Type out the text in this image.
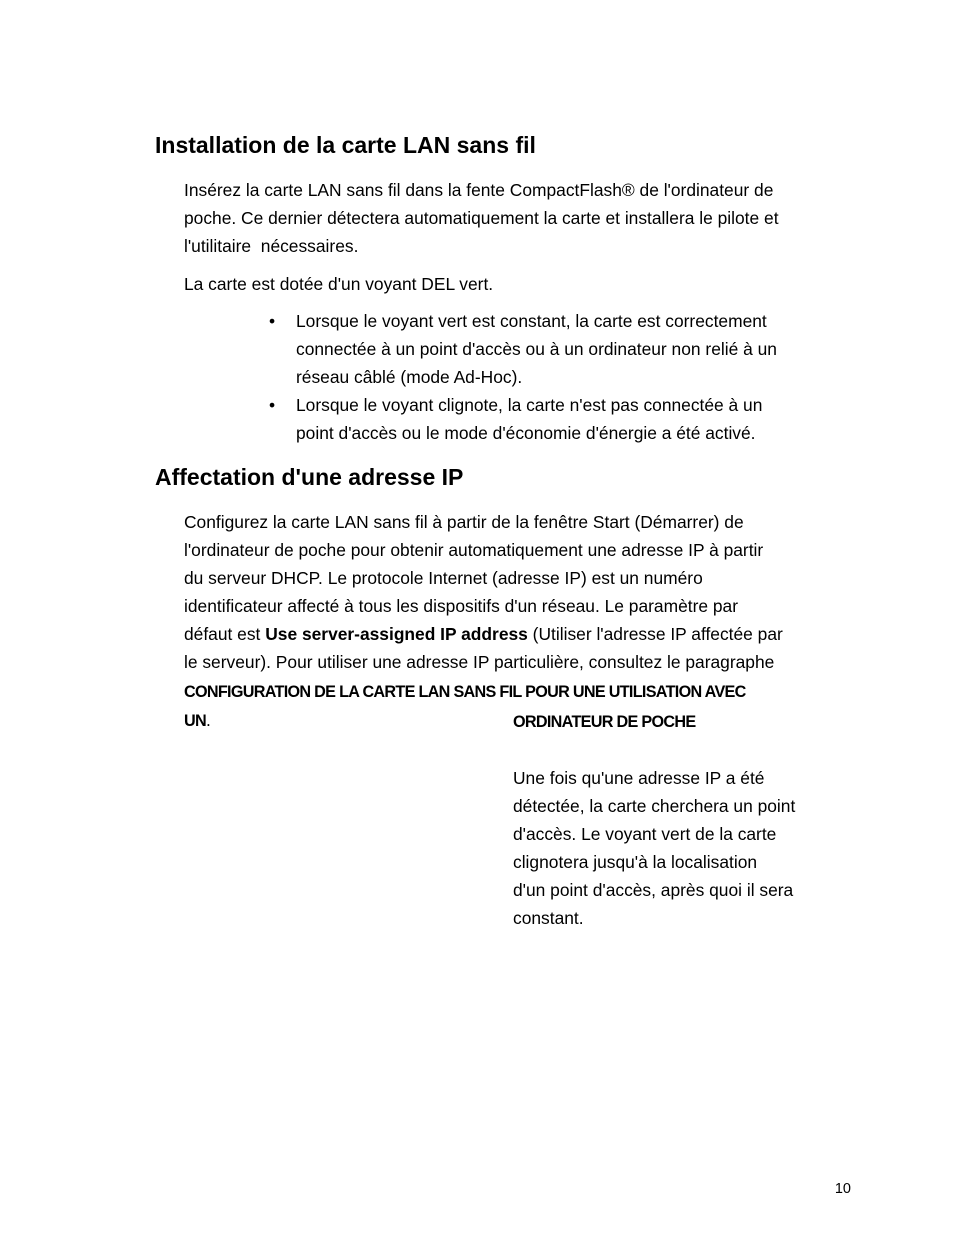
Installation de la carte LAN sans fil

Insérez la carte LAN sans fil dans la fente CompactFlash® de l'ordinateur de
poche. Ce dernier détectera automatiquement la carte et installera le pilote et
l'utilitaire  nécessaires.

La carte est dotée d'un voyant DEL vert.

• Lorsque le voyant vert est constant, la carte est correctement
connectée à un point d'accès ou à un ordinateur non relié à un
réseau câblé (mode Ad-Hoc).
• Lorsque le voyant clignote, la carte n'est pas connectée à un
point d'accès ou le mode d'économie d'énergie a été activé.
Affectation d'une adresse IP

Configurez la carte LAN sans fil à partir de la fenêtre Start (Démarrer) de
l'ordinateur de poche pour obtenir automatiquement une adresse IP à partir
du serveur DHCP. Le protocole Internet (adresse IP) est un numéro
identificateur affecté à tous les dispositifs d'un réseau. Le paramètre par
défaut est Use server-assigned IP address (Utiliser l'adresse IP affectée par
le serveur). Pour utiliser une adresse IP particulière, consultez le paragraphe
CONFIGURATION DE LA CARTE LAN SANS FIL POUR UNE UTILISATION AVEC
UN.	ORDINATEUR DE POCHE

Une fois qu'une adresse IP a été
détectée, la carte cherchera un point
d'accès. Le voyant vert de la carte
clignotera jusqu'à la localisation
d'un point d'accès, après quoi il sera
constant.

10
